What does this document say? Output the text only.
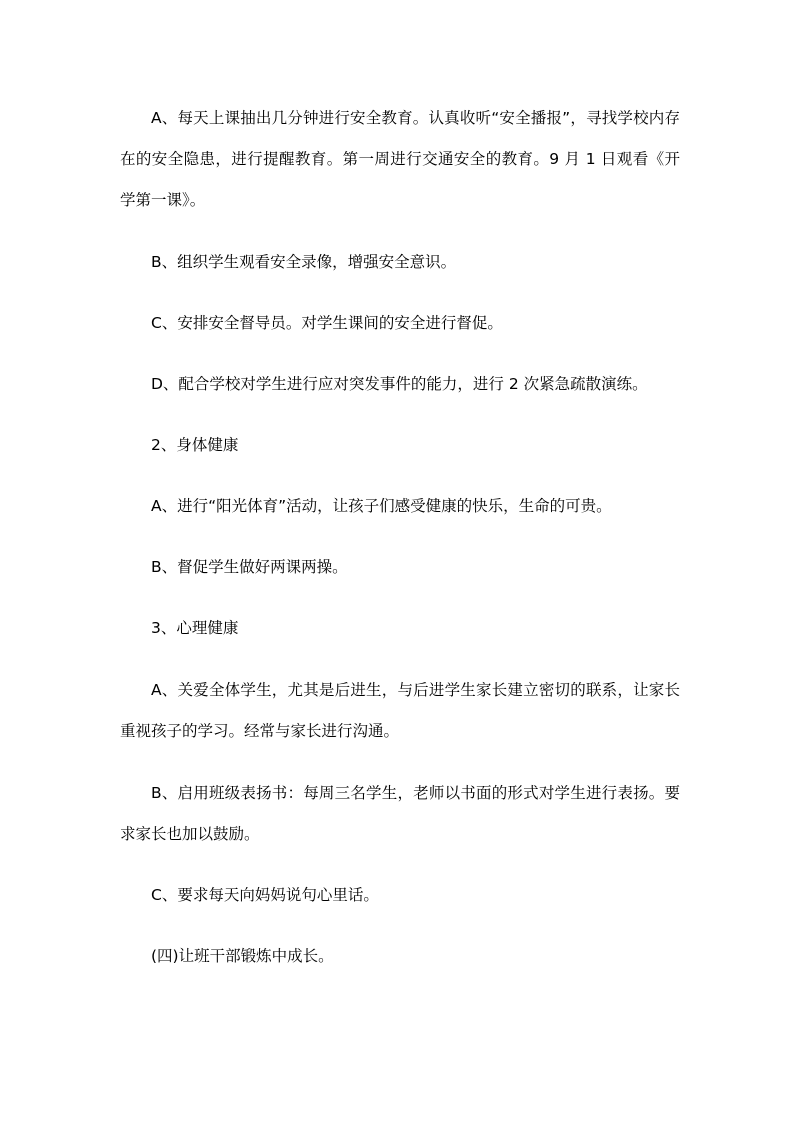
A、每天上课抽出几分钟进行安全教育。认真收听“安全播报”，寻找学校内存在的安全隐患，进行提醒教育。第一周进行交通安全的教育。9 月 1 日观看《开学第一课》。

B、组织学生观看安全录像，增强安全意识。

C、安排安全督导员。对学生课间的安全进行督促。

D、配合学校对学生进行应对突发事件的能力，进行 2 次紧急疏散演练。

2、身体健康

A、进行“阳光体育”活动，让孩子们感受健康的快乐，生命的可贵。

B、督促学生做好两课两操。

3、心理健康

A、关爱全体学生，尤其是后进生，与后进学生家长建立密切的联系，让家长重视孩子的学习。经常与家长进行沟通。

B、启用班级表扬书：每周三名学生，老师以书面的形式对学生进行表扬。要求家长也加以鼓励。

C、要求每天向妈妈说句心里话。

(四)让班干部锻炼中成长。
